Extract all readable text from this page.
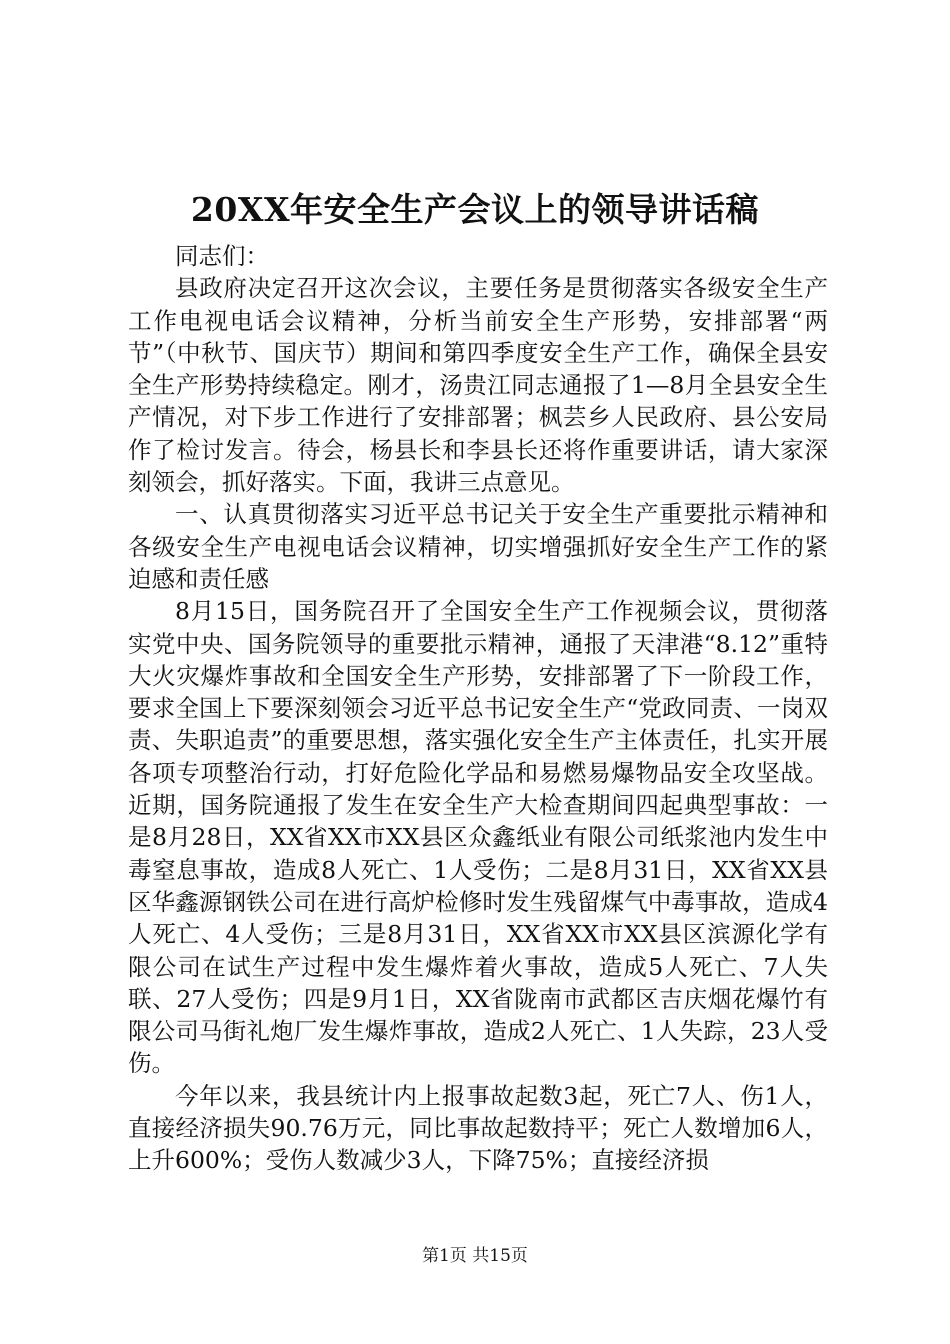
20XX年安全生产会议上的领导讲话稿

同志们：

县政府决定召开这次会议，主要任务是贯彻落实各级安全生产工作电视电话会议精神，分析当前安全生产形势，安排部署“两节”（中秋节、国庆节）期间和第四季度安全生产工作，确保全县安全生产形势持续稳定。刚才，汤贵江同志通报了1—8月全县安全生产情况，对下步工作进行了安排部署；枫芸乡人民政府、县公安局作了检讨发言。待会，杨县长和李县长还将作重要讲话，请大家深刻领会，抓好落实。下面，我讲三点意见。

一、认真贯彻落实习近平总书记关于安全生产重要批示精神和各级安全生产电视电话会议精神，切实增强抓好安全生产工作的紧迫感和责任感

8月15日，国务院召开了全国安全生产工作视频会议，贯彻落实党中央、国务院领导的重要批示精神，通报了天津港“8.12”重特大火灾爆炸事故和全国安全生产形势，安排部署了下一阶段工作，要求全国上下要深刻领会习近平总书记安全生产“党政同责、一岗双责、失职追责”的重要思想，落实强化安全生产主体责任，扎实开展各项专项整治行动，打好危险化学品和易燃易爆物品安全攻坚战。近期，国务院通报了发生在安全生产大检查期间四起典型事故：一是8月28日，XX省XX市XX县区众鑫纸业有限公司纸浆池内发生中毒窒息事故，造成8人死亡、1人受伤；二是8月31日，XX省XX县区华鑫源钢铁公司在进行高炉检修时发生残留煤气中毒事故，造成4人死亡、4人受伤；三是8月31日，XX省XX市XX县区滨源化学有限公司在试生产过程中发生爆炸着火事故，造成5人死亡、7人失联、27人受伤；四是9月1日，XX省陇南市武都区吉庆烟花爆竹有限公司马街礼炮厂发生爆炸事故，造成2人死亡、1人失踪，23人受伤。

今年以来，我县统计内上报事故起数3起，死亡7人、伤1人，直接经济损失90.76万元，同比事故起数持平；死亡人数增加6人，上升600%；受伤人数减少3人，下降75%；直接经济损

第1页 共15页
